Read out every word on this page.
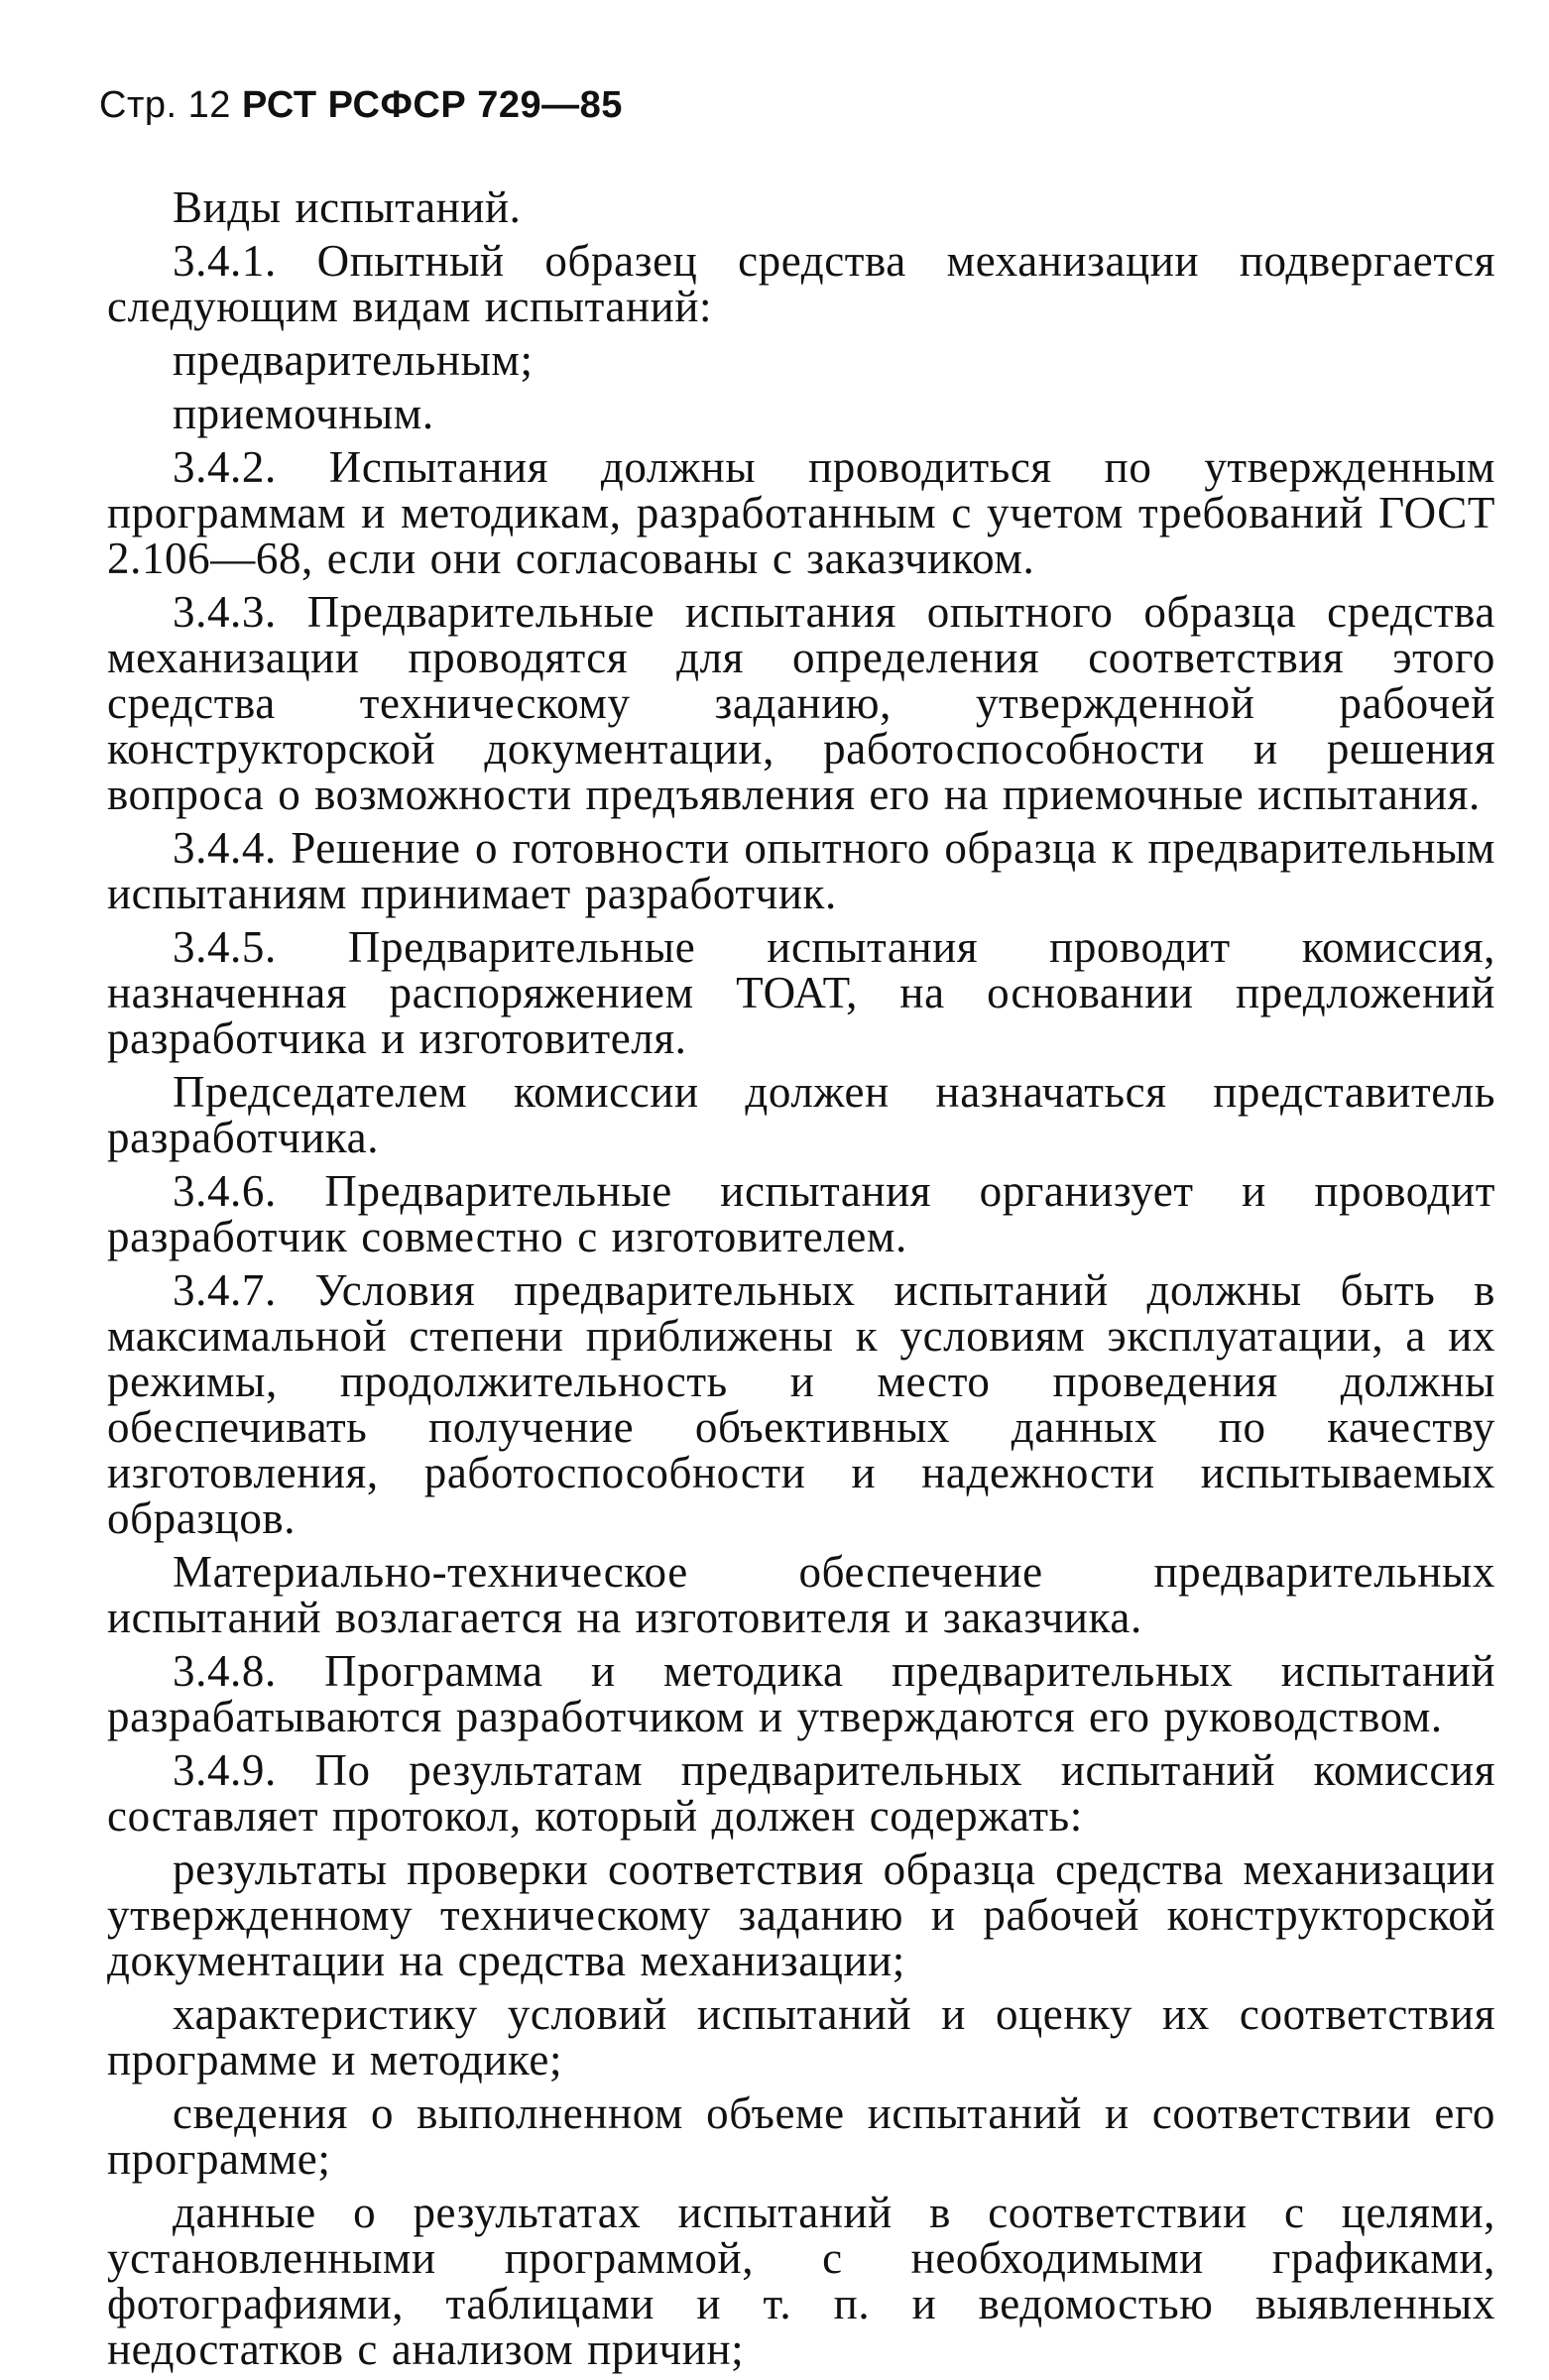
Стр. 12 РСТ РСФСР 729—85

Виды испытаний.

3.4.1. Опытный образец средства механизации подвергается следующим видам испытаний:

предварительным;

приемочным.

3.4.2. Испытания должны проводиться по утвержденным программам и методикам, разработанным с учетом требований ГОСТ 2.106—68, если они согласованы с заказчиком.

3.4.3. Предварительные испытания опытного образца средства механизации проводятся для определения соответствия этого средства техническому заданию, утвержденной рабочей конструкторской документации, работоспособности и решения вопроса о возможности предъявления его на приемочные испытания.

3.4.4. Решение о готовности опытного образца к предварительным испытаниям принимает разработчик.

3.4.5. Предварительные испытания проводит комиссия, назначенная распоряжением ТОАТ, на основании предложений разработчика и изготовителя.

Председателем комиссии должен назначаться представитель разработчика.

3.4.6. Предварительные испытания организует и проводит разработчик совместно с изготовителем.

3.4.7. Условия предварительных испытаний должны быть в максимальной степени приближены к условиям эксплуатации, а их режимы, продолжительность и место проведения должны обеспечивать получение объективных данных по качеству изготовления, работоспособности и надежности испытываемых образцов.

Материально-техническое обеспечение предварительных испытаний возлагается на изготовителя и заказчика.

3.4.8. Программа и методика предварительных испытаний разрабатываются разработчиком и утверждаются его руководством.

3.4.9. По результатам предварительных испытаний комиссия составляет протокол, который должен содержать:

результаты проверки соответствия образца средства механизации утвержденному техническому заданию и рабочей конструкторской документации на средства механизации;

характеристику условий испытаний и оценку их соответствия программе и методике;

сведения о выполненном объеме испытаний и соответствии его программе;

данные о результатах испытаний в соответствии с целями, установленными программой, с необходимыми графиками, фотографиями, таблицами и т. п. и ведомостью выявленных недостатков с анализом причин;
